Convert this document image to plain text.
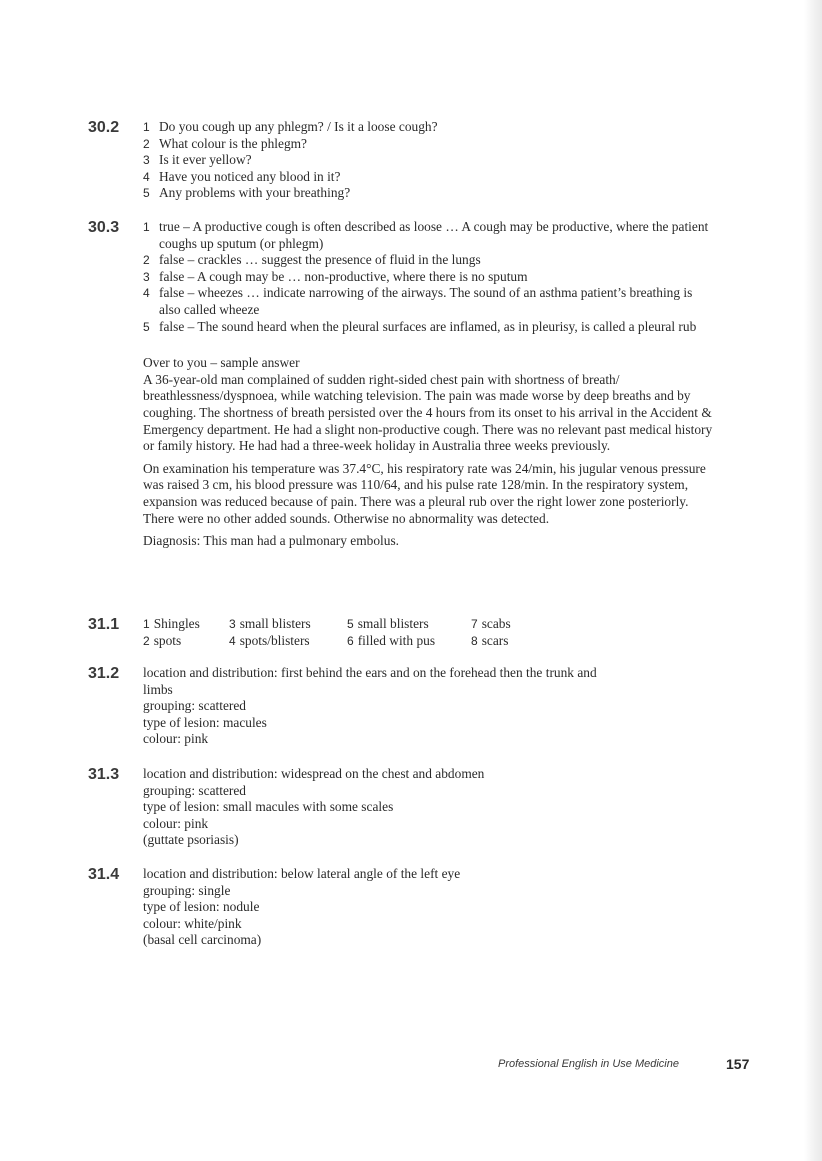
30.2 1 Do you cough up any phlegm? / Is it a loose cough?
2 What colour is the phlegm?
3 Is it ever yellow?
4 Have you noticed any blood in it?
5 Any problems with your breathing?
30.3 1 true – A productive cough is often described as loose … A cough may be productive, where the patient coughs up sputum (or phlegm)
2 false – crackles … suggest the presence of fluid in the lungs
3 false – A cough may be … non-productive, where there is no sputum
4 false – wheezes … indicate narrowing of the airways. The sound of an asthma patient’s breathing is also called wheeze
5 false – The sound heard when the pleural surfaces are inflamed, as in pleurisy, is called a pleural rub

Over to you – sample answer

A 36-year-old man complained of sudden right-sided chest pain with shortness of breath/ breathlessness/dyspnoea, while watching television. The pain was made worse by deep breaths and by coughing. The shortness of breath persisted over the 4 hours from its onset to his arrival in the Accident & Emergency department. He had a slight non-productive cough. There was no relevant past medical history or family history. He had had a three-week holiday in Australia three weeks previously.

On examination his temperature was 37.4°C, his respiratory rate was 24/min, his jugular venous pressure was raised 3 cm, his blood pressure was 110/64, and his pulse rate 128/min. In the respiratory system, expansion was reduced because of pain. There was a pleural rub over the right lower zone posteriorly. There were no other added sounds. Otherwise no abnormality was detected.

Diagnosis: This man had a pulmonary embolus.

31.1 1 Shingles
2 spots
3 small blisters
4 spots/blisters
5 small blisters
6 filled with pus
7 scabs
8 scars
31.2 location and distribution: first behind the ears and on the forehead then the trunk and limbs
grouping: scattered
type of lesion: macules
colour: pink
31.3 location and distribution: widespread on the chest and abdomen
grouping: scattered
type of lesion: small macules with some scales
colour: pink
(guttate psoriasis)
31.4 location and distribution: below lateral angle of the left eye
grouping: single
type of lesion: nodule
colour: white/pink
(basal cell carcinoma)
Professional English in Use Medicine	157
